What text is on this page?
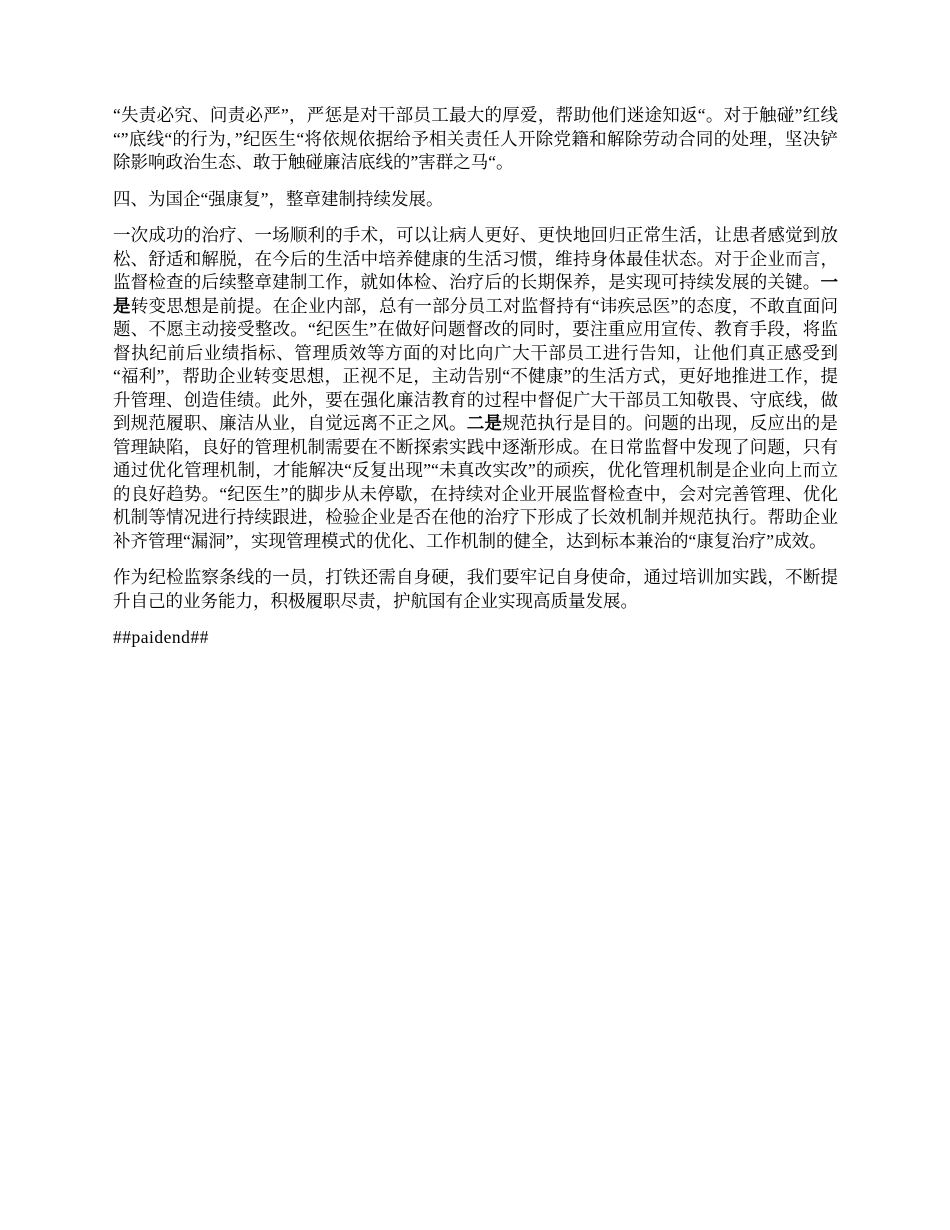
“失责必究、问责必严”，严惩是对干部员工最大的厚爱，帮助他们迷途知返“。对于触碰”红线“”底线“的行为，”纪医生“将依规依据给予相关责任人开除党籍和解除劳动合同的处理，坚决铲除影响政治生态、敢于触碰廉洁底线的”害群之马“。

四、为国企“强康复”，整章建制持续发展。

一次成功的治疗、一场顺利的手术，可以让病人更好、更快地回归正常生活，让患者感觉到放松、舒适和解脱，在今后的生活中培养健康的生活习惯，维持身体最佳状态。对于企业而言，监督检查的后续整章建制工作，就如体检、治疗后的长期保养，是实现可持续发展的关键。一是转变思想是前提。在企业内部，总有一部分员工对监督持有“讳疾忌医”的态度，不敢直面问题、不愿主动接受整改。“纪医生”在做好问题督改的同时，要注重应用宣传、教育手段，将监督执纪前后业绩指标、管理质效等方面的对比向广大干部员工进行告知，让他们真正感受到“福利”，帮助企业转变思想，正视不足，主动告别“不健康”的生活方式，更好地推进工作，提升管理、创造佳绩。此外，要在强化廉洁教育的过程中督促广大干部员工知敬畏、守底线，做到规范履职、廉洁从业，自觉远离不正之风。二是规范执行是目的。问题的出现，反应出的是管理缺陷，良好的管理机制需要在不断探索实践中逐渐形成。在日常监督中发现了问题，只有通过优化管理机制，才能解决“反复出现”“未真改实改”的顽疾，优化管理机制是企业向上而立的良好趋势。“纪医生”的脚步从未停歇，在持续对企业开展监督检查中，会对完善管理、优化机制等情况进行持续跟进，检验企业是否在他的治疗下形成了长效机制并规范执行。帮助企业补齐管理“漏洞”，实现管理模式的优化、工作机制的健全，达到标本兼治的“康复治疗”成效。

作为纪检监察条线的一员，打铁还需自身硬，我们要牢记自身使命，通过培训加实践，不断提升自己的业务能力，积极履职尽责，护航国有企业实现高质量发展。

##paidend##
